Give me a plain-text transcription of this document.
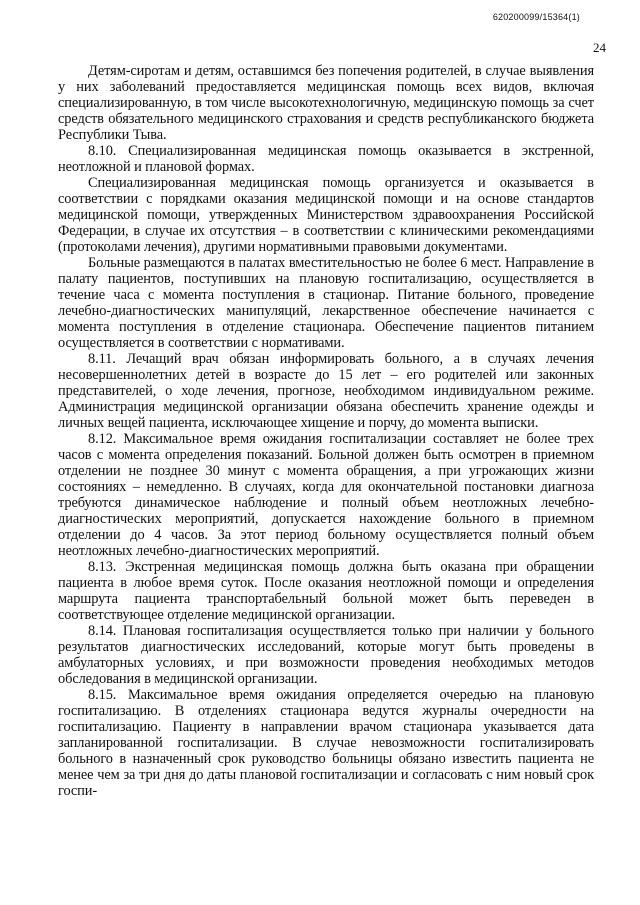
620200099/15364(1)
24

Детям-сиротам и детям, оставшимся без попечения родителей, в случае выявления у них заболеваний предоставляется медицинская помощь всех видов, включая специализированную, в том числе высокотехнологичную, медицинскую помощь за счет средств обязательного медицинского страхования и средств республиканского бюджета Республики Тыва.

8.10. Специализированная медицинская помощь оказывается в экстренной, неотложной и плановой формах.

Специализированная медицинская помощь организуется и оказывается в соответствии с порядками оказания медицинской помощи и на основе стандартов медицинской помощи, утвержденных Министерством здравоохранения Российской Федерации, в случае их отсутствия – в соответствии с клиническими рекомендациями (протоколами лечения), другими нормативными правовыми документами.

Больные размещаются в палатах вместительностью не более 6 мест. Направление в палату пациентов, поступивших на плановую госпитализацию, осуществляется в течение часа с момента поступления в стационар. Питание больного, проведение лечебно-диагностических манипуляций, лекарственное обеспечение начинается с момента поступления в отделение стационара. Обеспечение пациентов питанием осуществляется в соответствии с нормативами.

8.11. Лечащий врач обязан информировать больного, а в случаях лечения несовершеннолетних детей в возрасте до 15 лет – его родителей или законных представителей, о ходе лечения, прогнозе, необходимом индивидуальном режиме. Администрация медицинской организации обязана обеспечить хранение одежды и личных вещей пациента, исключающее хищение и порчу, до момента выписки.

8.12. Максимальное время ожидания госпитализации составляет не более трех часов с момента определения показаний. Больной должен быть осмотрен в приемном отделении не позднее 30 минут с момента обращения, а при угрожающих жизни состояниях – немедленно. В случаях, когда для окончательной постановки диагноза требуются динамическое наблюдение и полный объем неотложных лечебно-диагностических мероприятий, допускается нахождение больного в приемном отделении до 4 часов. За этот период больному осуществляется полный объем неотложных лечебно-диагностических мероприятий.

8.13. Экстренная медицинская помощь должна быть оказана при обращении пациента в любое время суток. После оказания неотложной помощи и определения маршрута пациента транспортабельный больной может быть переведен в соответствующее отделение медицинской организации.

8.14. Плановая госпитализация осуществляется только при наличии у больного результатов диагностических исследований, которые могут быть проведены в амбулаторных условиях, и при возможности проведения необходимых методов обследования в медицинской организации.

8.15. Максимальное время ожидания определяется очередью на плановую госпитализацию. В отделениях стационара ведутся журналы очередности на госпитализацию. Пациенту в направлении врачом стационара указывается дата запланированной госпитализации. В случае невозможности госпитализировать больного в назначенный срок руководство больницы обязано известить пациента не менее чем за три дня до даты плановой госпитализации и согласовать с ним новый срок госпи-
